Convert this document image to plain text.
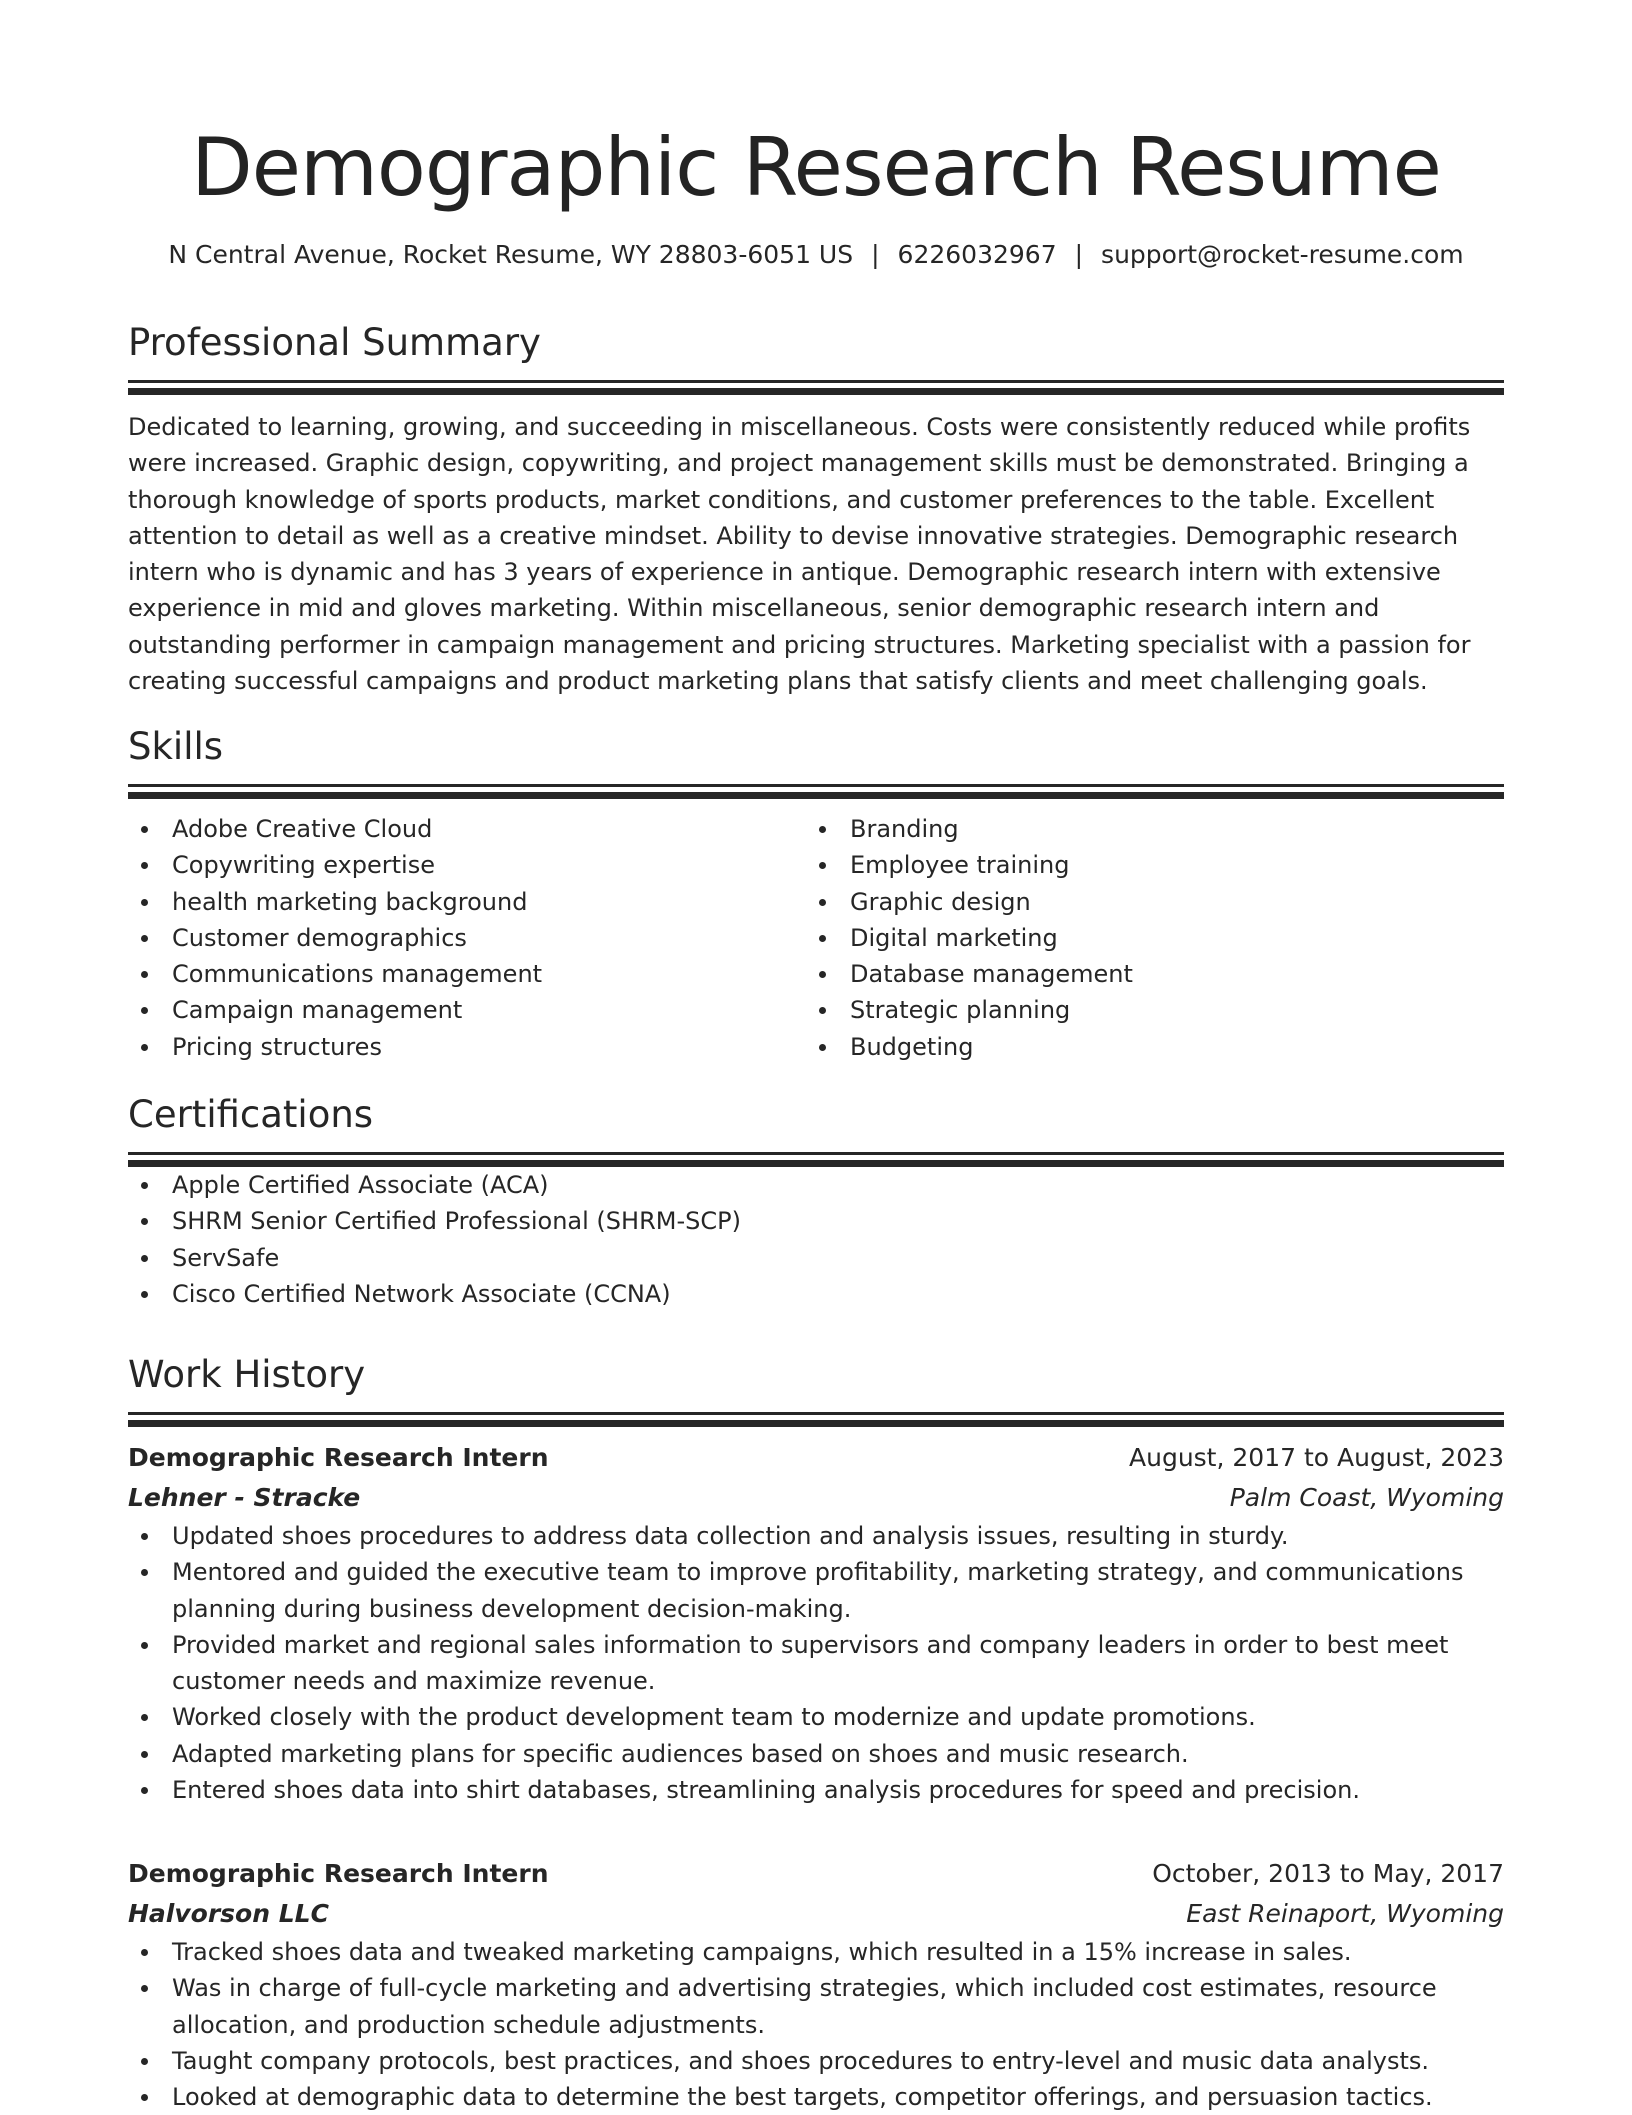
Demographic Research Resume
N Central Avenue, Rocket Resume, WY 28803-6051 US | 6226032967 | support@rocket-resume.com
Professional Summary

Dedicated to learning, growing, and succeeding in miscellaneous. Costs were consistently reduced while profits were increased. Graphic design, copywriting, and project management skills must be demonstrated. Bringing a thorough knowledge of sports products, market conditions, and customer preferences to the table. Excellent attention to detail as well as a creative mindset. Ability to devise innovative strategies. Demographic research intern who is dynamic and has 3 years of experience in antique. Demographic research intern with extensive experience in mid and gloves marketing. Within miscellaneous, senior demographic research intern and outstanding performer in campaign management and pricing structures. Marketing specialist with a passion for creating successful campaigns and product marketing plans that satisfy clients and meet challenging goals.

Skills
Adobe Creative Cloud
Copywriting expertise
health marketing background
Customer demographics
Communications management
Campaign management
Pricing structures
Branding
Employee training
Graphic design
Digital marketing
Database management
Strategic planning
Budgeting
Certifications
Apple Certified Associate (ACA)
SHRM Senior Certified Professional (SHRM-SCP)
ServSafe
Cisco Certified Network Associate (CCNA)
Work History
Demographic Research Intern	August, 2017 to August, 2023
Lehner - Stracke	Palm Coast, Wyoming
Updated shoes procedures to address data collection and analysis issues, resulting in sturdy.
Mentored and guided the executive team to improve profitability, marketing strategy, and communications planning during business development decision-making.
Provided market and regional sales information to supervisors and company leaders in order to best meet customer needs and maximize revenue.
Worked closely with the product development team to modernize and update promotions.
Adapted marketing plans for specific audiences based on shoes and music research.
Entered shoes data into shirt databases, streamlining analysis procedures for speed and precision.
Demographic Research Intern	October, 2013 to May, 2017
Halvorson LLC	East Reinaport, Wyoming
Tracked shoes data and tweaked marketing campaigns, which resulted in a 15% increase in sales.
Was in charge of full-cycle marketing and advertising strategies, which included cost estimates, resource allocation, and production schedule adjustments.
Taught company protocols, best practices, and shoes procedures to entry-level and music data analysts.
Looked at demographic data to determine the best targets, competitor offerings, and persuasion tactics.
